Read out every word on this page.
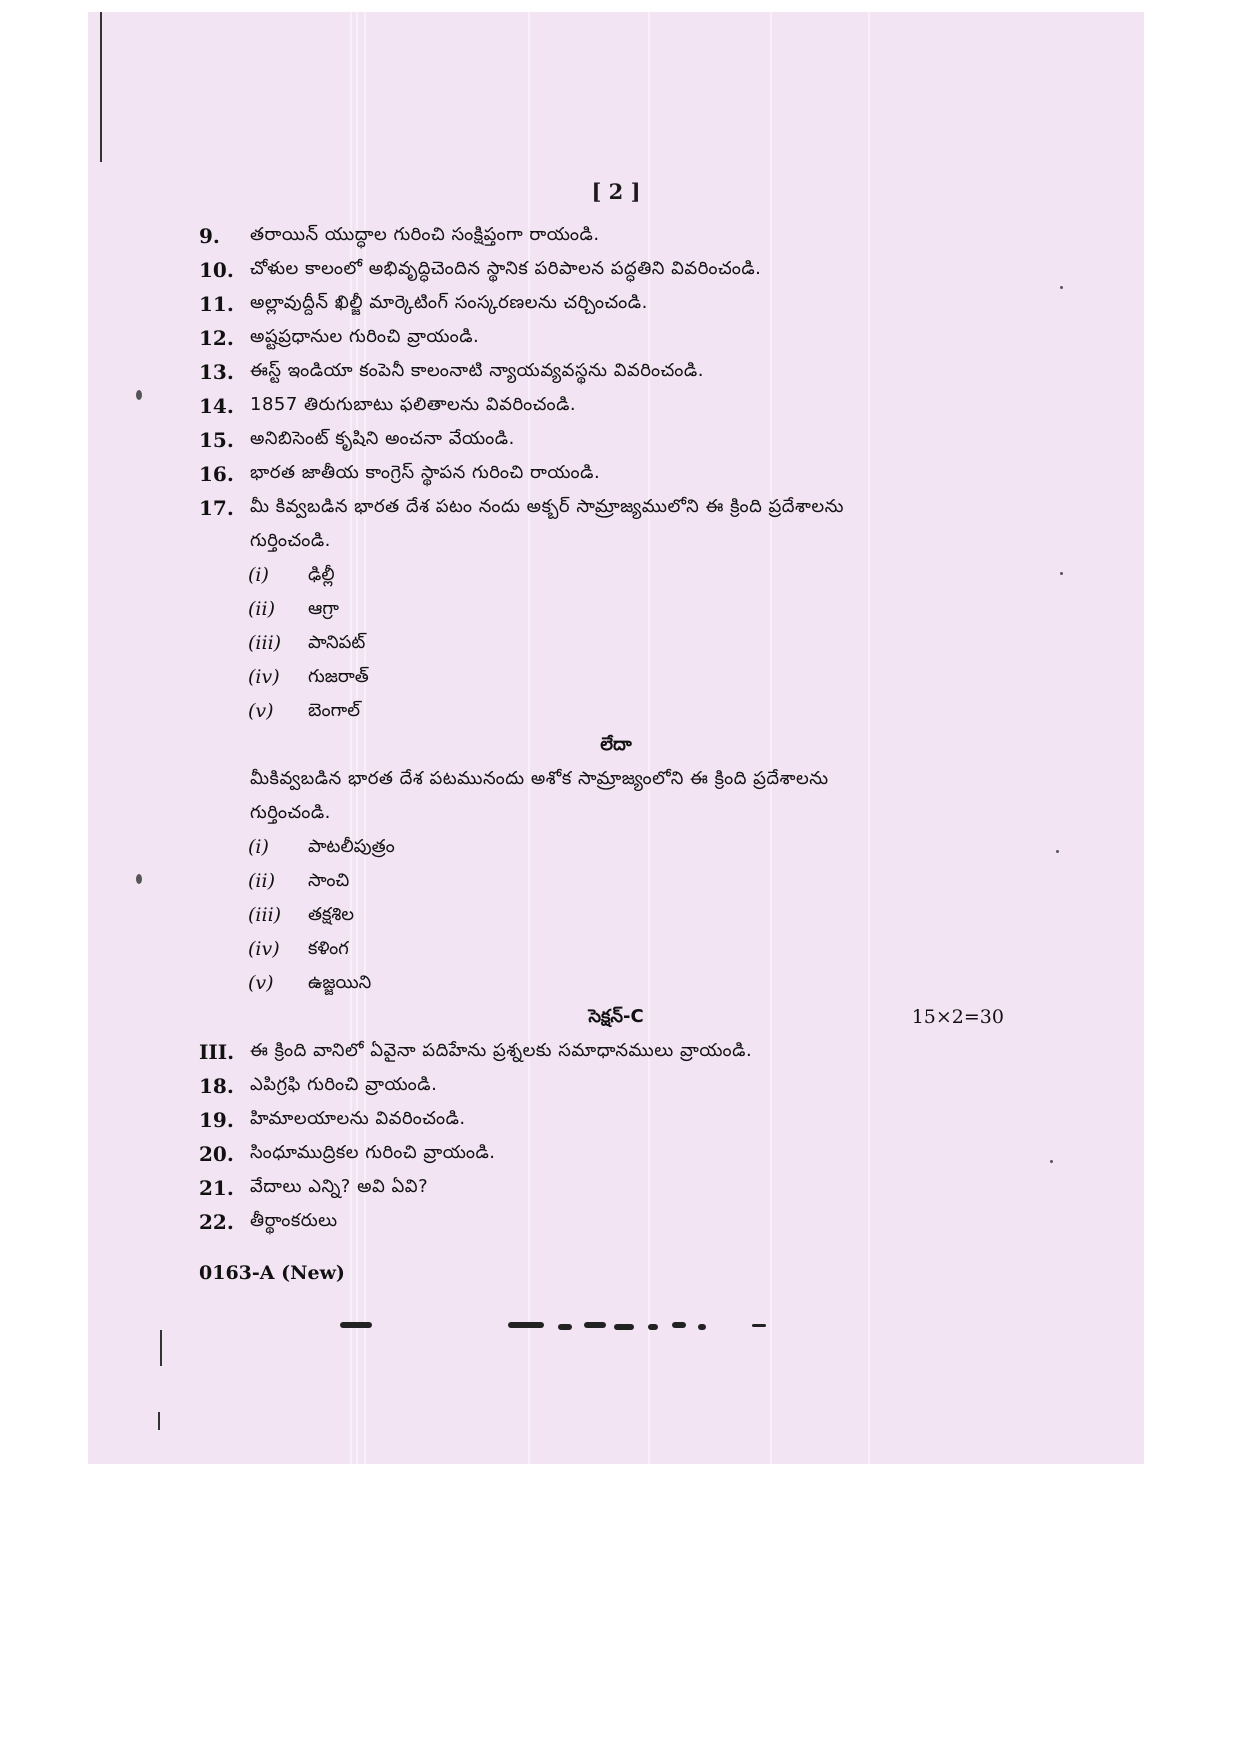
[ 2 ]
9. తరాయిన్ యుద్ధాల గురించి సంక్షిప్తంగా రాయండి.
10. చోళుల కాలంలో అభివృద్ధిచెందిన స్థానిక పరిపాలన పద్ధతిని వివరించండి.
11. అల్లావుద్దీన్ ఖిల్జీ మార్కెటింగ్ సంస్కరణలను చర్చించండి.
12. అష్టప్రధానుల గురించి వ్రాయండి.
13. ఈస్ట్ ఇండియా కంపెనీ కాలంనాటి న్యాయవ్యవస్థను వివరించండి.
14. 1857 తిరుగుబాటు ఫలితాలను వివరించండి.
15. అనిబిసెంట్ కృషిని అంచనా వేయండి.
16. భారత జాతీయ కాంగ్రెస్ స్థాపన గురించి రాయండి.
17. మీ కివ్వబడిన భారత దేశ పటం నందు అక్బర్ సామ్రాజ్యములోని ఈ క్రింది ప్రదేశాలను
గుర్తించండి.
(i) ఢిల్లీ
(ii) ఆగ్రా
(iii) పానిపట్
(iv) గుజరాత్
(v) బెంగాల్
లేదా
మీకివ్వబడిన భారత దేశ పటమునందు అశోక సామ్రాజ్యంలోని ఈ క్రింది ప్రదేశాలను
గుర్తించండి.
(i) పాటలీపుత్రం
(ii) సాంచి
(iii) తక్షశిల
(iv) కళింగ
(v) ఉజ్జయిని
సెక్షన్-C	15×2=30
III. ఈ క్రింది వానిలో ఏవైనా పదిహేను ప్రశ్నలకు సమాధానములు వ్రాయండి.
18. ఎపిగ్రఫి గురించి వ్రాయండి.
19. హిమాలయాలను వివరించండి.
20. సింధూముద్రికల గురించి వ్రాయండి.
21. వేదాలు ఎన్ని? అవి ఏవి?
22. తీర్థాంకరులు
0163-A (New)
